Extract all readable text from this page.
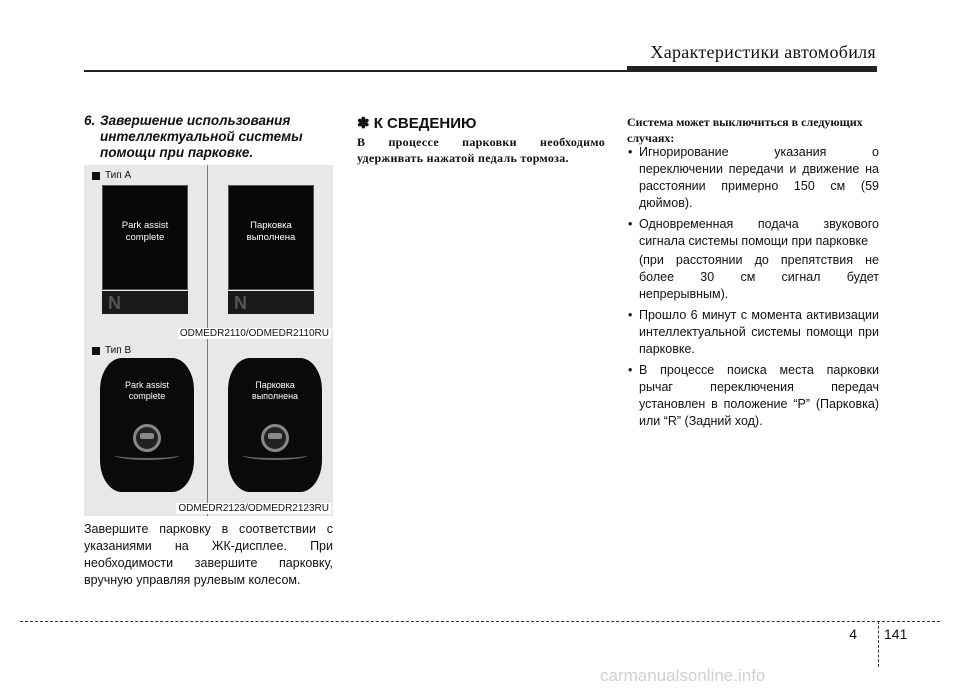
Характеристики автомобиля
6. Завершение использования
интеллектуальной системы
помощи при парковке.
Тип А
Park assist
complete
N
Парковка
выполнена
N
ODMEDR2110/ODMEDR2110RU
Тип В
Park assist
complete
Парковка
выполнена
ODMEDR2123/ODMEDR2123RU

Завершите парковку в соответствии с указаниями на ЖК-дисплее. При необходимости завершите парковку, вручную управляя рулевым колесом.

✽ К СВЕДЕНИЮ

В процессе парковки необходимо удерживать нажатой педаль тормоза.

Система может выключиться в следующих случаях:
• Игнорирование указания о переключении передачи и движение на расстоянии примерно 150 см (59 дюймов).
• Одновременная подача звукового сигнала системы помощи при парковке
(при расстоянии до препятствия не более 30 см сигнал будет непрерывным).
• Прошло 6 минут с момента активизации интеллектуальной системы помощи при парковке.
• В процессе поиска места парковки рычаг переключения передач установлен в положение “P” (Парковка) или “R” (Задний ход).
4 141
carmanualsonline.info
